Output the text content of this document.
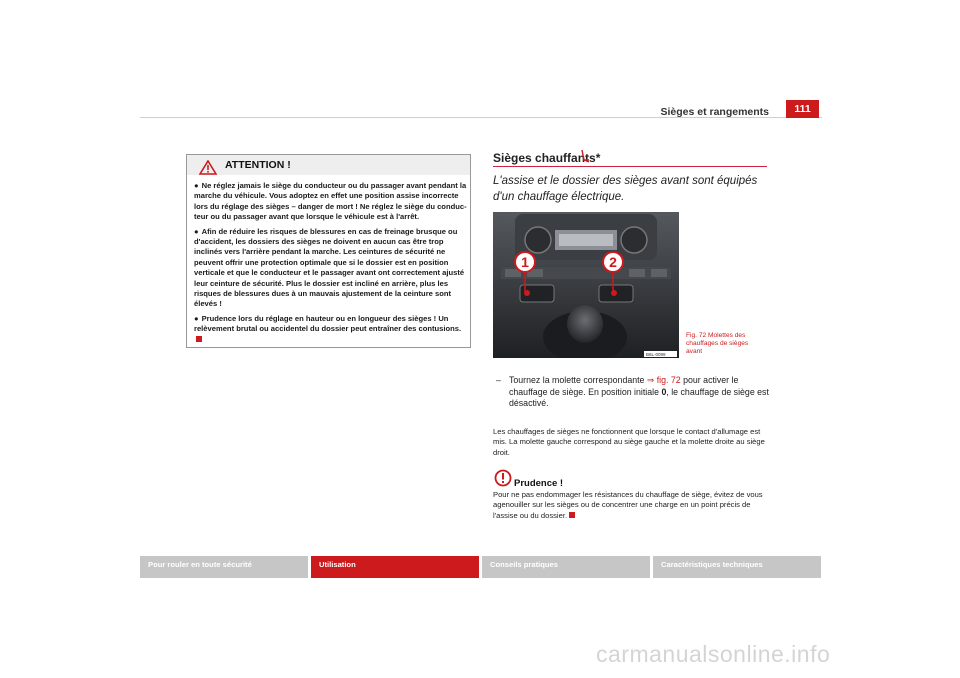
Sièges et rangements	111
ATTENTION !

● Ne réglez jamais le siège du conducteur ou du passager avant pendant la marche du véhicule. Vous adoptez en effet une position assise incorrecte lors du réglage des sièges – danger de mort ! Ne réglez le siège du conduc-teur ou du passager avant que lorsque le véhicule est à l'arrêt.

● Afin de réduire les risques de blessures en cas de freinage brusque ou d'accident, les dossiers des sièges ne doivent en aucun cas être trop inclinés vers l'arrière pendant la marche. Les ceintures de sécurité ne peuvent offrir une protection optimale que si le dossier est en position verticale et que le conducteur et le passager avant ont correctement ajusté leur ceinture de sécurité. Plus le dossier est incliné en arrière, plus les risques de blessures dues à un mauvais ajustement de la ceinture sont élevés !

● Prudence lors du réglage en hauteur ou en longueur des sièges ! Un relèvement brutal ou accidentel du dossier peut entraîner des contusions.

Sièges chauffants*
L'assise et le dossier des sièges avant sont équipés d'un chauffage électrique.
1	2
B6L-0099
Fig. 72 Molettes des chauffages de sièges avant
– Tournez la molette correspondante ⇒ fig. 72 pour activer le chauffage de siège. En position initiale 0, le chauffage de siège est désactivé.
Les chauffages de sièges ne fonctionnent que lorsque le contact d'allumage est mis. La molette gauche correspond au siège gauche et la molette droite au siège droit.
Prudence !
Pour ne pas endommager les résistances du chauffage de siège, évitez de vous agenouiller sur les sièges ou de concentrer une charge en un point précis de l'assise ou du dossier.
Pour rouler en toute sécurité	Utilisation	Conseils pratiques	Caractéristiques techniques
carmanualsonline.info
